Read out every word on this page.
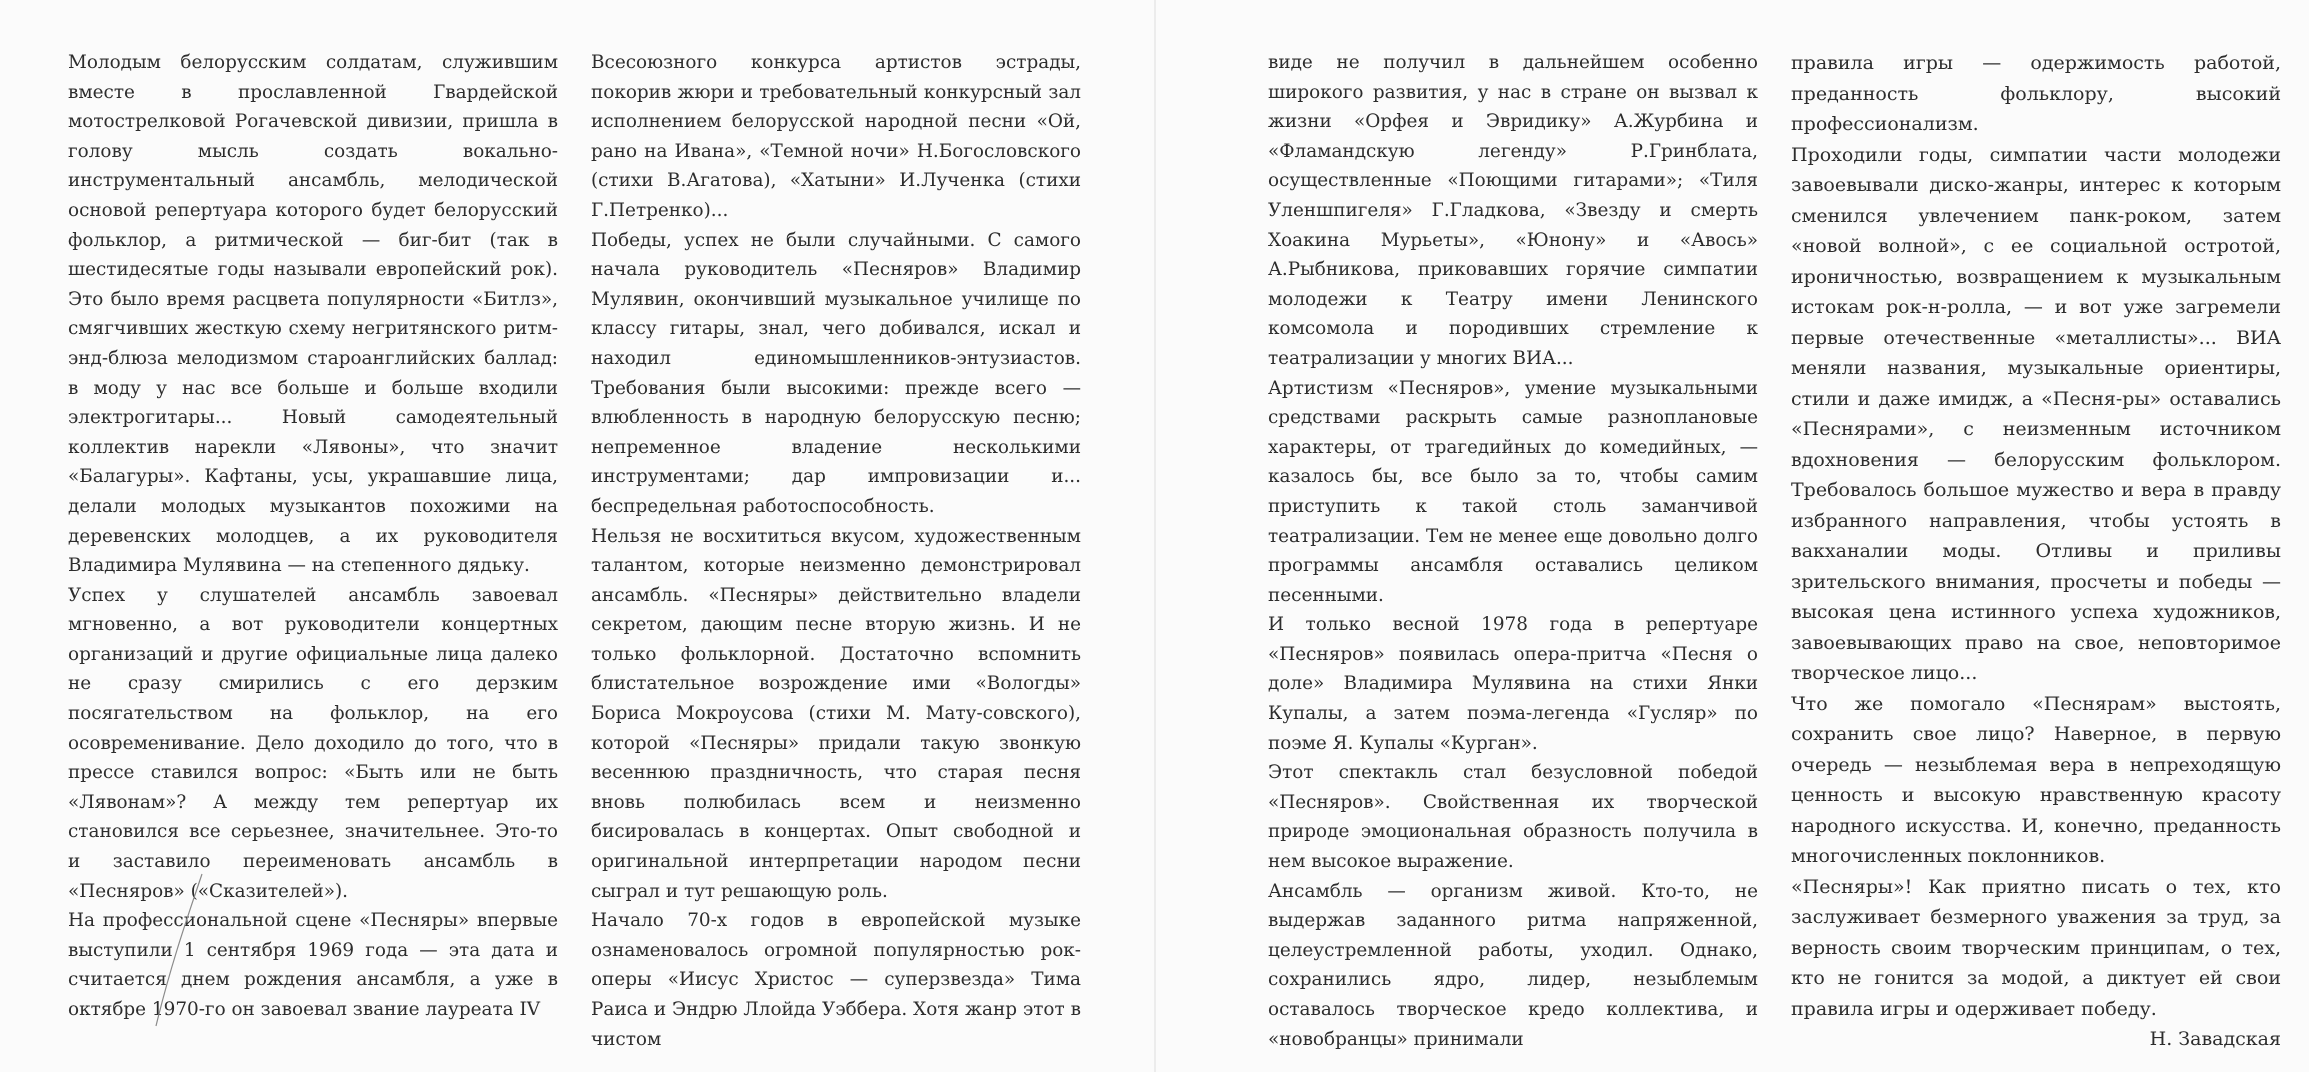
Молодым белорусским солдатам, служившим вместе в прославленной Гвардейской мотострелковой Рогачевской дивизии, пришла в голову мысль создать вокально-инструментальный ансамбль, мелодической основой репертуара которого будет белорусский фольклор, а ритмической — биг-бит (так в шестидесятые годы называли европейский рок). Это было время расцвета популярности «Битлз», смягчивших жесткую схему негритянского ритм-энд-блюза мелодизмом староанглийских баллад: в моду у нас все больше и больше входили электрогитары... Новый самодеятельный коллектив нарекли «Лявоны», что значит «Балагуры». Кафтаны, усы, украшавшие лица, делали молодых музыкантов похожими на деревенских молодцев, а их руководителя Владимира Мулявина — на степенного дядьку.

Успех у слушателей ансамбль завоевал мгновенно, а вот руководители концертных организаций и другие официальные лица далеко не сразу смирились с его дерзким посягательством на фольклор, на его осовременивание. Дело доходило до того, что в прессе ставился вопрос: «Быть или не быть «Лявонам»? А между тем репертуар их становился все серьезнее, значительнее. Это-то и заставило переименовать ансамбль в «Песняров» («Сказителей»).

На профессиональной сцене «Песняры» впервые выступили 1 сентября 1969 года — эта дата и считается днем рождения ансамбля, а уже в октябре 1970-го он завоевал звание лауреата IV

Всесоюзного конкурса артистов эстрады, покорив жюри и требовательный конкурсный зал исполнением белорусской народной песни «Ой, рано на Ивана», «Темной ночи» Н.Богословского (стихи В.Агатова), «Хатыни» И.Лученка (стихи Г.Петренко)...

Победы, успех не были случайными. С самого начала руководитель «Песняров» Владимир Мулявин, окончивший музыкальное училище по классу гитары, знал, чего добивался, искал и находил единомышленников-энтузиастов. Требования были высокими: прежде всего — влюбленность в народную белорусскую песню; непременное владение несколькими инструментами; дар импровизации и... беспредельная работоспособность.

Нельзя не восхититься вкусом, художественным талантом, которые неизменно демонстрировал ансамбль. «Песняры» действительно владели секретом, дающим песне вторую жизнь. И не только фольклорной. Достаточно вспомнить блистательное возрождение ими «Вологды» Бориса Мокроусова (стихи М. Мату-совского), которой «Песняры» придали такую звонкую весеннюю праздничность, что старая песня вновь полюбилась всем и неизменно бисировалась в концертах. Опыт свободной и оригинальной интерпретации народом песни сыграл и тут решающую роль.

Начало 70-х годов в европейской музыке ознаменовалось огромной популярностью рок-оперы «Иисус Христос — суперзвезда» Тима Раиса и Эндрю Ллойда Уэббера. Хотя жанр этот в чистом

виде не получил в дальнейшем особенно широкого развития, у нас в стране он вызвал к жизни «Орфея и Эвридику» А.Журбина и «Фламандскую легенду» Р.Гринблата, осуществленные «Поющими гитарами»; «Тиля Уленшпигеля» Г.Гладкова, «Звезду и смерть Хоакина Мурьеты», «Юнону» и «Авось» А.Рыбникова, приковавших горячие симпатии молодежи к Театру имени Ленинского комсомола и породивших стремление к театрализации у многих ВИА...

Артистизм «Песняров», умение музыкальными средствами раскрыть самые разноплановые характеры, от трагедийных до комедийных, — казалось бы, все было за то, чтобы самим приступить к такой столь заманчивой театрализации. Тем не менее еще довольно долго программы ансамбля оставались целиком песенными.

И только весной 1978 года в репертуаре «Песняров» появилась опера-притча «Песня о доле» Владимира Мулявина на стихи Янки Купалы, а затем поэма-легенда «Гусляр» по поэме Я. Купалы «Курган».

Этот спектакль стал безусловной победой «Песняров». Свойственная их творческой природе эмоциональная образность получила в нем высокое выражение.

Ансамбль — организм живой. Кто-то, не выдержав заданного ритма напряженной, целеустремленной работы, уходил. Однако, сохранились ядро, лидер, незыблемым оставалось творческое кредо коллектива, и «новобранцы» принимали

правила игры — одержимость работой, преданность фольклору, высокий профессионализм.

Проходили годы, симпатии части молодежи завоевывали диско-жанры, интерес к которым сменился увлечением панк-роком, затем «новой волной», с ее социальной остротой, ироничностью, возвращением к музыкальным истокам рок-н-ролла, — и вот уже загремели первые отечественные «металлисты»... ВИА меняли названия, музыкальные ориентиры, стили и даже имидж, а «Песня-ры» оставались «Песнярами», с неизменным источником вдохновения — белорусским фольклором. Требовалось большое мужество и вера в правду избранного направления, чтобы устоять в вакханалии моды. Отливы и приливы зрительского внимания, просчеты и победы — высокая цена истинного успеха художников, завоевывающих право на свое, неповторимое творческое лицо...

Что же помогало «Песнярам» выстоять, сохранить свое лицо? Наверное, в первую очередь — незыблемая вера в непреходящую ценность и высокую нравственную красоту народного искусства. И, конечно, преданность многочисленных поклонников.

«Песняры»! Как приятно писать о тех, кто заслуживает безмерного уважения за труд, за верность своим творческим принципам, о тех, кто не гонится за модой, а диктует ей свои правила игры и одерживает победу.

Н. Завадская
